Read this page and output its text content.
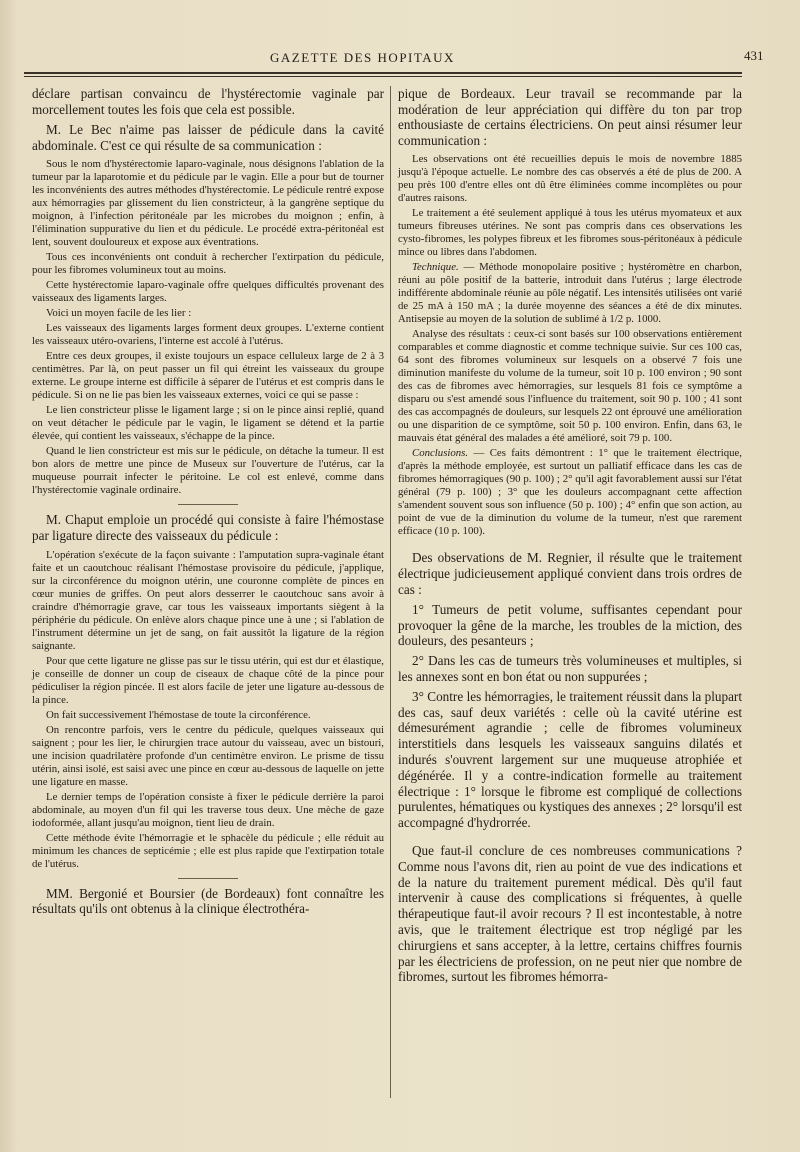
GAZETTE DES HOPITAUX	431

déclare partisan convaincu de l'hystérectomie vaginale par morcellement toutes les fois que cela est possible.

M. Le Bec n'aime pas laisser de pédicule dans la cavité abdominale. C'est ce qui résulte de sa communication :

Sous le nom d'hystérectomie laparo-vaginale, nous désignons l'ablation de la tumeur par la laparotomie et du pédicule par le vagin. Elle a pour but de tourner les inconvénients des autres méthodes d'hystérectomie. Le pédicule rentré expose aux hémorragies par glissement du lien constricteur, à la gangrène septique du moignon, à l'infection péritonéale par les microbes du moignon ; enfin, à l'élimination suppurative du lien et du pédicule. Le procédé extra-péritonéal est lent, souvent douloureux et expose aux éventrations.

Tous ces inconvénients ont conduit à rechercher l'extirpation du pédicule, pour les fibromes volumineux tout au moins.

Cette hystérectomie laparo-vaginale offre quelques difficultés provenant des vaisseaux des ligaments larges.

Voici un moyen facile de les lier :

Les vaisseaux des ligaments larges forment deux groupes. L'externe contient les vaisseaux utéro-ovariens, l'interne est accolé à l'utérus.

Entre ces deux groupes, il existe toujours un espace celluleux large de 2 à 3 centimètres. Par là, on peut passer un fil qui étreint les vaisseaux du groupe externe. Le groupe interne est difficile à séparer de l'utérus et est compris dans le pédicule. Si on ne lie pas bien les vaisseaux externes, voici ce qui se passe :

Le lien constricteur plisse le ligament large ; si on le pince ainsi replié, quand on veut détacher le pédicule par le vagin, le ligament se détend et la partie élevée, qui contient les vaisseaux, s'échappe de la pince.

Quand le lien constricteur est mis sur le pédicule, on détache la tumeur. Il est bon alors de mettre une pince de Museux sur l'ouverture de l'utérus, car la muqueuse pourrait infecter le péritoine. Le col est enlevé, comme dans l'hystérectomie vaginale ordinaire.

M. Chaput emploie un procédé qui consiste à faire l'hémostase par ligature directe des vaisseaux du pédicule :

L'opération s'exécute de la façon suivante : l'amputation supra-vaginale étant faite et un caoutchouc réalisant l'hémostase provisoire du pédicule, j'applique, sur la circonférence du moignon utérin, une couronne complète de pinces en cœur munies de griffes. On peut alors desserrer le caoutchouc sans avoir à craindre d'hémorragie grave, car tous les vaisseaux importants siègent à la périphérie du pédicule. On enlève alors chaque pince une à une ; si l'ablation de l'instrument détermine un jet de sang, on fait aussitôt la ligature de la région saignante.

Pour que cette ligature ne glisse pas sur le tissu utérin, qui est dur et élastique, je conseille de donner un coup de ciseaux de chaque côté de la pince pour pédiculiser la région pincée. Il est alors facile de jeter une ligature au-dessous de la pince.

On fait successivement l'hémostase de toute la circonférence.

On rencontre parfois, vers le centre du pédicule, quelques vaisseaux qui saignent ; pour les lier, le chirurgien trace autour du vaisseau, avec un bistouri, une incision quadrilatère profonde d'un centimètre environ. Le prisme de tissu utérin, ainsi isolé, est saisi avec une pince en cœur au-dessous de laquelle on jette une ligature en masse.

Le dernier temps de l'opération consiste à fixer le pédicule derrière la paroi abdominale, au moyen d'un fil qui les traverse tous deux. Une mèche de gaze iodoformée, allant jusqu'au moignon, tient lieu de drain.

Cette méthode évite l'hémorragie et le sphacèle du pédicule ; elle réduit au minimum les chances de septicémie ; elle est plus rapide que l'extirpation totale de l'utérus.

MM. Bergonié et Boursier (de Bordeaux) font connaître les résultats qu'ils ont obtenus à la clinique électrothéra-

pique de Bordeaux. Leur travail se recommande par la modération de leur appréciation qui diffère du ton par trop enthousiaste de certains électriciens. On peut ainsi résumer leur communication :

Les observations ont été recueillies depuis le mois de novembre 1885 jusqu'à l'époque actuelle. Le nombre des cas observés a été de plus de 200. A peu près 100 d'entre elles ont dû être éliminées comme incomplètes ou pour d'autres raisons.

Le traitement a été seulement appliqué à tous les utérus myomateux et aux tumeurs fibreuses utérines. Ne sont pas compris dans ces observations les cysto-fibromes, les polypes fibreux et les fibromes sous-péritonéaux à pédicule mince ou libres dans l'abdomen.

Technique. — Méthode monopolaire positive ; hystéromètre en charbon, réuni au pôle positif de la batterie, introduit dans l'utérus ; large électrode indifférente abdominale réunie au pôle négatif. Les intensités utilisées ont varié de 25 mA à 150 mA ; la durée moyenne des séances a été de dix minutes. Antisepsie au moyen de la solution de sublimé à 1/2 p. 1000.

Analyse des résultats : ceux-ci sont basés sur 100 observations entièrement comparables et comme diagnostic et comme technique suivie. Sur ces 100 cas, 64 sont des fibromes volumineux sur lesquels on a observé 7 fois une diminution manifeste du volume de la tumeur, soit 10 p. 100 environ ; 90 sont des cas de fibromes avec hémorragies, sur lesquels 81 fois ce symptôme a disparu ou s'est amendé sous l'influence du traitement, soit 90 p. 100 ; 41 sont des cas accompagnés de douleurs, sur lesquels 22 ont éprouvé une amélioration ou une disparition de ce symptôme, soit 50 p. 100 environ. Enfin, dans 63, le mauvais état général des malades a été amélioré, soit 79 p. 100.

Conclusions. — Ces faits démontrent : 1° que le traitement électrique, d'après la méthode employée, est surtout un palliatif efficace dans les cas de fibromes hémorragiques (90 p. 100) ; 2° qu'il agit favorablement aussi sur l'état général (79 p. 100) ; 3° que les douleurs accompagnant cette affection s'amendent souvent sous son influence (50 p. 100) ; 4° enfin que son action, au point de vue de la diminution du volume de la tumeur, n'est que rarement efficace (10 p. 100).

Des observations de M. Regnier, il résulte que le traitement électrique judicieusement appliqué convient dans trois ordres de cas :

1° Tumeurs de petit volume, suffisantes cependant pour provoquer la gêne de la marche, les troubles de la miction, des douleurs, des pesanteurs ;

2° Dans les cas de tumeurs très volumineuses et multiples, si les annexes sont en bon état ou non suppurées ;

3° Contre les hémorragies, le traitement réussit dans la plupart des cas, sauf deux variétés : celle où la cavité utérine est démesurément agrandie ; celle de fibromes volumineux interstitiels dans lesquels les vaisseaux sanguins dilatés et indurés s'ouvrent largement sur une muqueuse atrophiée et dégénérée. Il y a contre-indication formelle au traitement électrique : 1° lorsque le fibrome est compliqué de collections purulentes, hématiques ou kystiques des annexes ; 2° lorsqu'il est accompagné d'hydrorrée.

Que faut-il conclure de ces nombreuses communications ? Comme nous l'avons dit, rien au point de vue des indications et de la nature du traitement purement médical. Dès qu'il faut intervenir à cause des complications si fréquentes, à quelle thérapeutique faut-il avoir recours ? Il est incontestable, à notre avis, que le traitement électrique est trop négligé par les chirurgiens et sans accepter, à la lettre, certains chiffres fournis par les électriciens de profession, on ne peut nier que nombre de fibromes, surtout les fibromes hémorra-
